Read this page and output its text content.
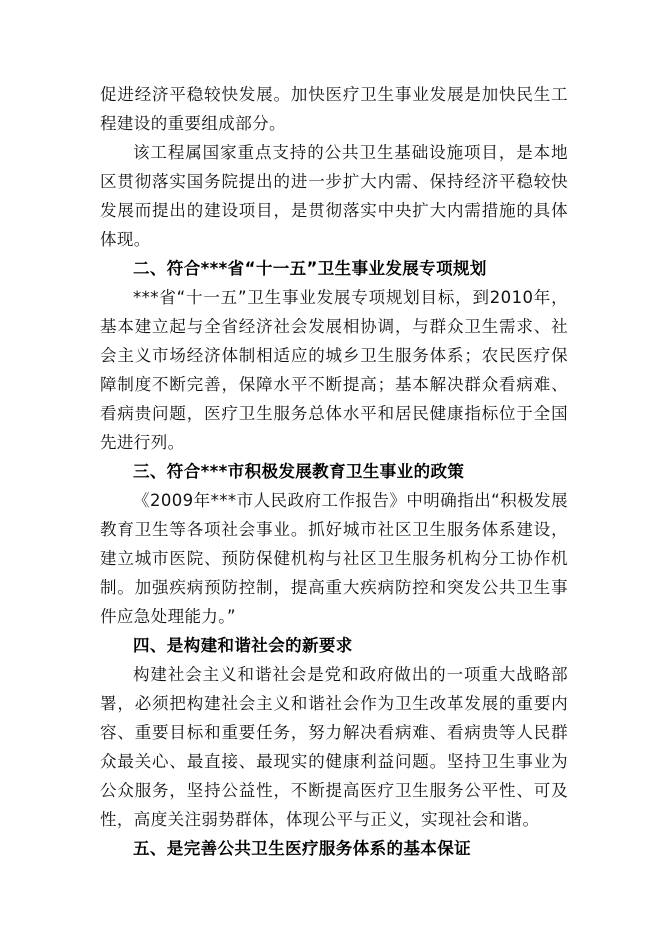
促进经济平稳较快发展。加快医疗卫生事业发展是加快民生工程建设的重要组成部分。

该工程属国家重点支持的公共卫生基础设施项目，是本地区贯彻落实国务院提出的进一步扩大内需、保持经济平稳较快发展而提出的建设项目，是贯彻落实中央扩大内需措施的具体体现。

二、符合***省“十一五”卫生事业发展专项规划

***省“十一五”卫生事业发展专项规划目标，到2010年，基本建立起与全省经济社会发展相协调，与群众卫生需求、社会主义市场经济体制相适应的城乡卫生服务体系；农民医疗保障制度不断完善，保障水平不断提高；基本解决群众看病难、看病贵问题，医疗卫生服务总体水平和居民健康指标位于全国先进行列。

三、符合***市积极发展教育卫生事业的政策

《2009年***市人民政府工作报告》中明确指出“积极发展教育卫生等各项社会事业。抓好城市社区卫生服务体系建设，建立城市医院、预防保健机构与社区卫生服务机构分工协作机制。加强疾病预防控制，提高重大疾病防控和突发公共卫生事件应急处理能力。”

四、是构建和谐社会的新要求

构建社会主义和谐社会是党和政府做出的一项重大战略部署，必须把构建社会主义和谐社会作为卫生改革发展的重要内容、重要目标和重要任务，努力解决看病难、看病贵等人民群众最关心、最直接、最现实的健康利益问题。坚持卫生事业为公众服务，坚持公益性，不断提高医疗卫生服务公平性、可及性，高度关注弱势群体，体现公平与正义，实现社会和谐。

五、是完善公共卫生医疗服务体系的基本保证
